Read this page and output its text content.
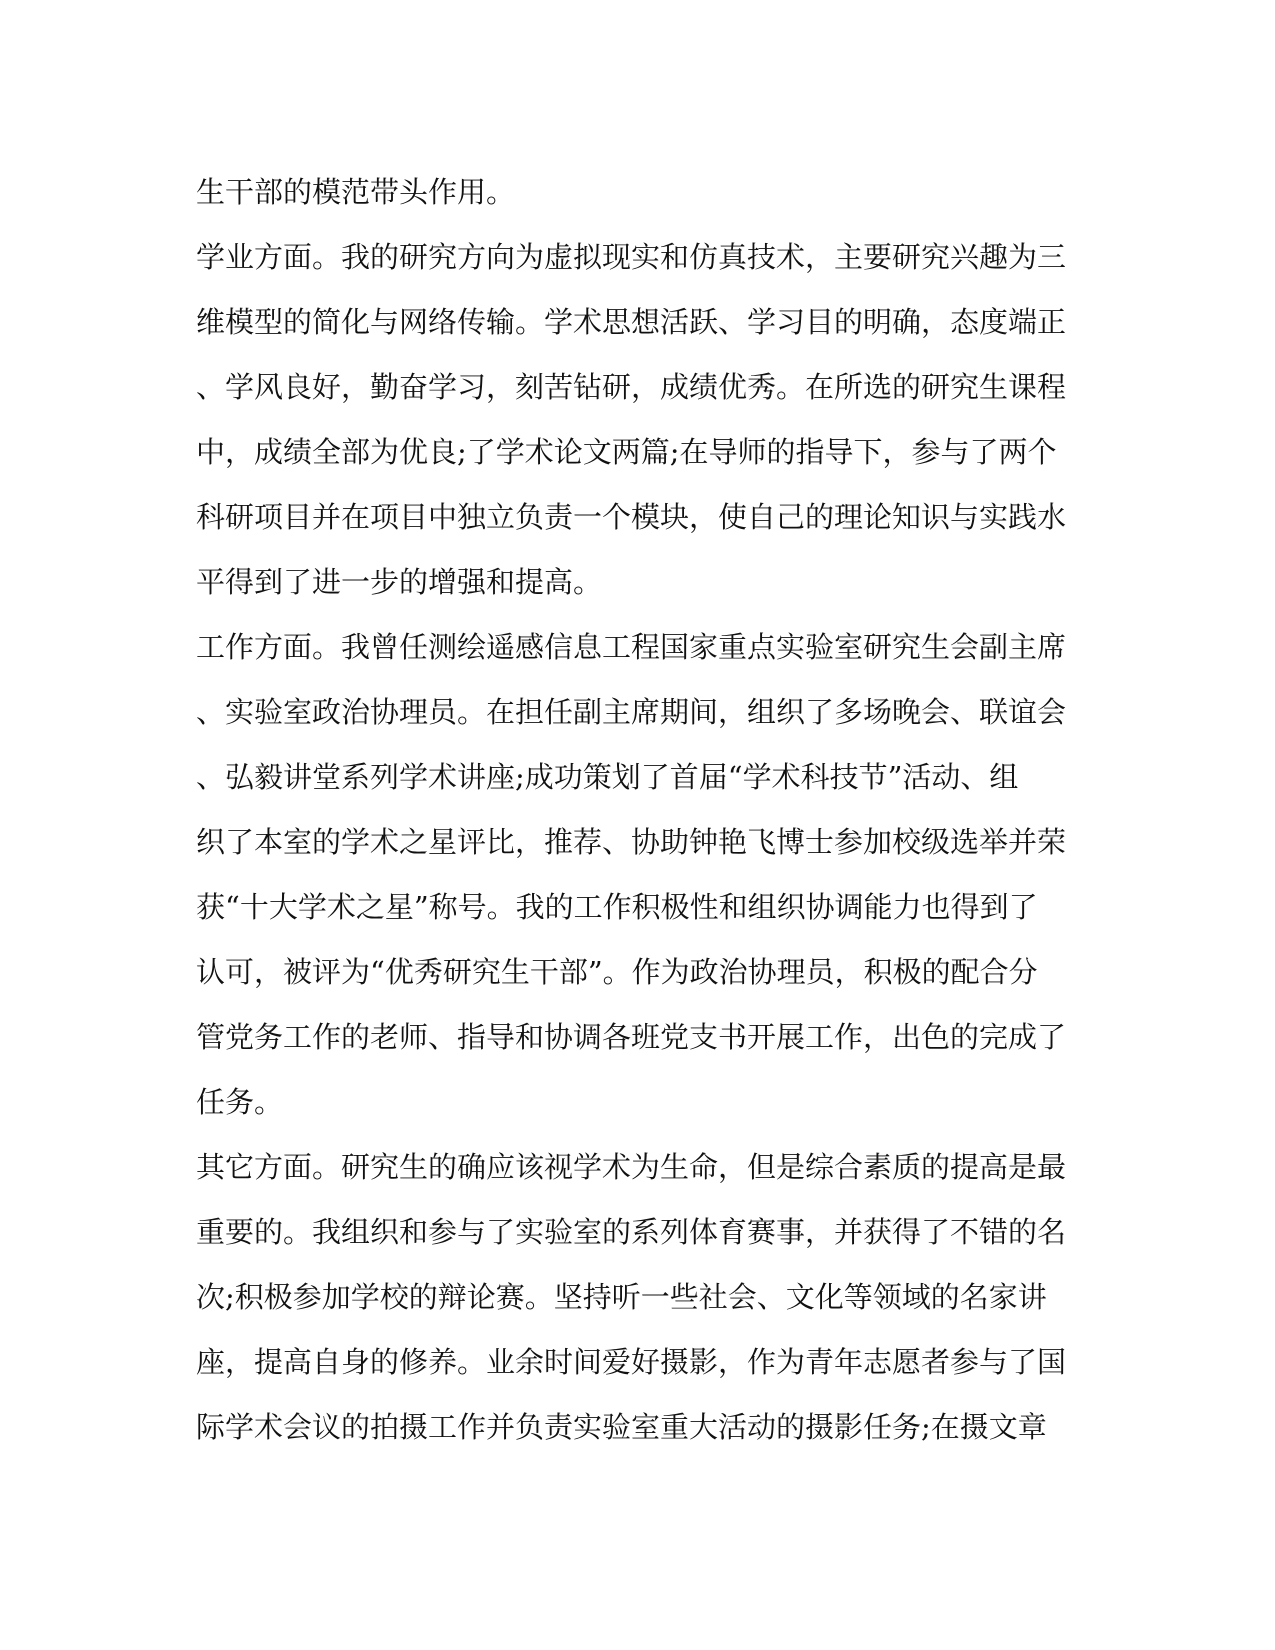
生干部的模范带头作用。
学业方面。我的研究方向为虚拟现实和仿真技术，主要研究兴趣为三
维模型的简化与网络传输。学术思想活跃、学习目的明确，态度端正
、学风良好，勤奋学习，刻苦钻研，成绩优秀。在所选的研究生课程
中，成绩全部为优良;了学术论文两篇;在导师的指导下，参与了两个
科研项目并在项目中独立负责一个模块，使自己的理论知识与实践水
平得到了进一步的增强和提高。
工作方面。我曾任测绘遥感信息工程国家重点实验室研究生会副主席
、实验室政治协理员。在担任副主席期间，组织了多场晚会、联谊会
、弘毅讲堂系列学术讲座;成功策划了首届“学术科技节”活动、组
织了本室的学术之星评比，推荐、协助钟艳飞博士参加校级选举并荣
获“十大学术之星”称号。我的工作积极性和组织协调能力也得到了
认可，被评为“优秀研究生干部”。作为政治协理员，积极的配合分
管党务工作的老师、指导和协调各班党支书开展工作，出色的完成了
任务。
其它方面。研究生的确应该视学术为生命，但是综合素质的提高是最
重要的。我组织和参与了实验室的系列体育赛事，并获得了不错的名
次;积极参加学校的辩论赛。坚持听一些社会、文化等领域的名家讲
座，提高自身的修养。业余时间爱好摄影，作为青年志愿者参与了国
际学术会议的拍摄工作并负责实验室重大活动的摄影任务;在摄文章
